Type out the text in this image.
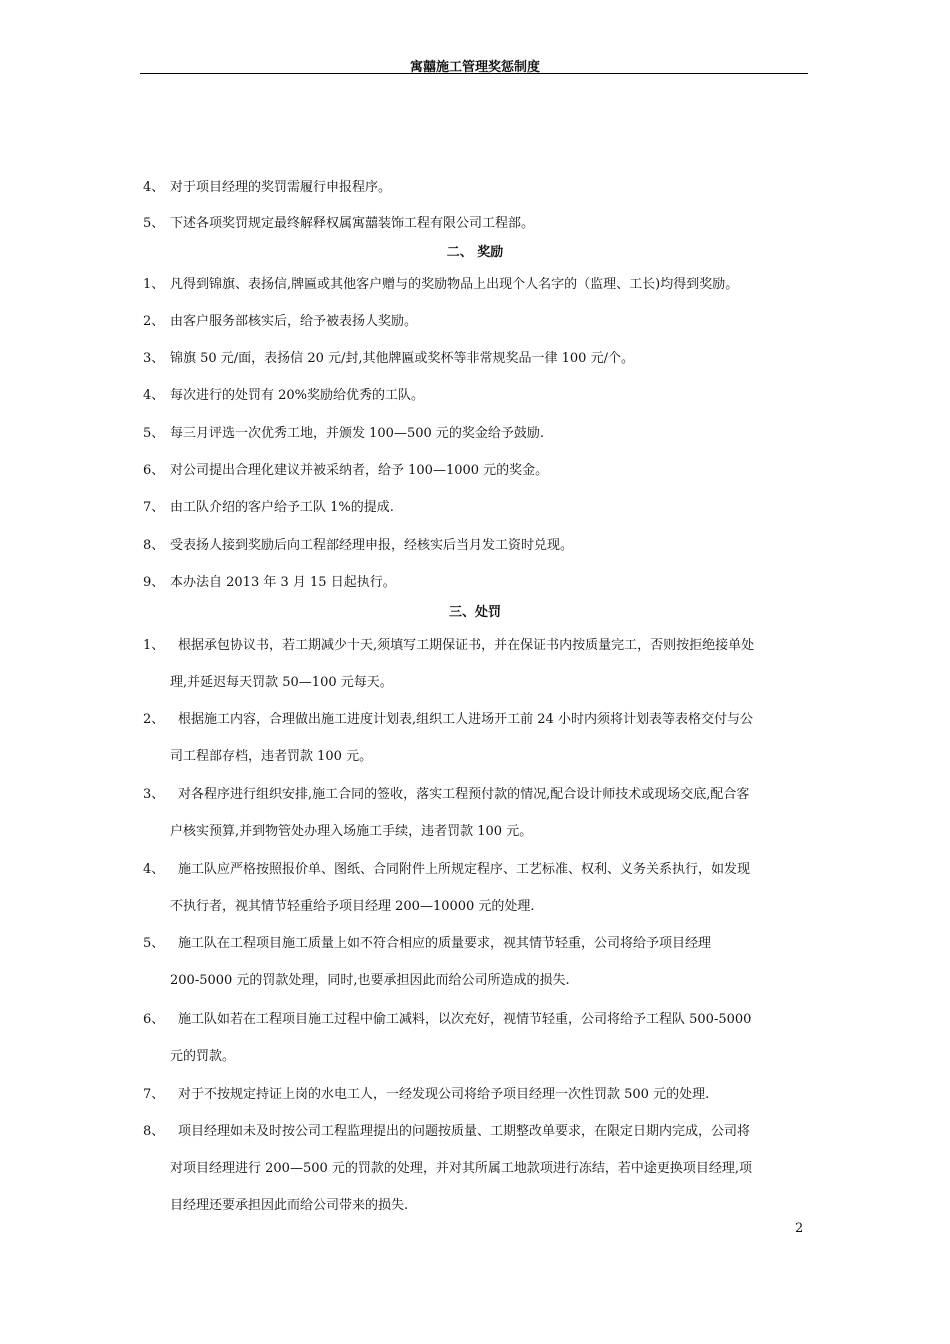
寓囍施工管理奖惩制度
4、 对于项目经理的奖罚需履行申报程序。
5、 下述各项奖罚规定最终解释权属寓囍装饰工程有限公司工程部。
二、 奖励
1、 凡得到锦旗、表扬信,牌匾或其他客户赠与的奖励物品上出现个人名字的（监理、工长)均得到奖励。
2、 由客户服务部核实后，给予被表扬人奖励。
3、 锦旗 50 元/面，表扬信 20 元/封,其他牌匾或奖杯等非常规奖品一律 100 元/个。
4、 每次进行的处罚有 20%奖励给优秀的工队。
5、 每三月评选一次优秀工地，并颁发 100—500 元的奖金给予鼓励.
6、 对公司提出合理化建议并被采纳者，给予 100—1000 元的奖金。
7、 由工队介绍的客户给予工队 1%的提成.
8、 受表扬人接到奖励后向工程部经理申报，经核实后当月发工资时兑现。
9、 本办法自 2013 年 3 月 15 日起执行。
三、处罚
1、 根据承包协议书，若工期减少十天,须填写工期保证书，并在保证书内按质量完工，否则按拒绝接单处
理,并延迟每天罚款 50—100 元每天。
2、 根据施工内容，合理做出施工进度计划表,组织工人进场开工前 24 小时内须将计划表等表格交付与公
司工程部存档，违者罚款 100 元。
3、 对各程序进行组织安排,施工合同的签收，落实工程预付款的情况,配合设计师技术或现场交底,配合客
户核实预算,并到物管处办理入场施工手续，违者罚款 100 元。
4、 施工队应严格按照报价单、图纸、合同附件上所规定程序、工艺标准、权利、义务关系执行，如发现
不执行者，视其情节轻重给予项目经理 200—10000 元的处理.
5、 施工队在工程项目施工质量上如不符合相应的质量要求，视其情节轻重，公司将给予项目经理
200-5000 元的罚款处理，同时,也要承担因此而给公司所造成的损失.
6、 施工队如若在工程项目施工过程中偷工减料，以次充好，视情节轻重，公司将给予工程队 500-5000
元的罚款。
7、 对于不按规定持证上岗的水电工人，一经发现公司将给予项目经理一次性罚款 500 元的处理.
8、 项目经理如未及时按公司工程监理提出的问题按质量、工期整改单要求，在限定日期内完成，公司将
对项目经理进行 200—500 元的罚款的处理，并对其所属工地款项进行冻结，若中途更换项目经理,项
目经理还要承担因此而给公司带来的损失.
2
